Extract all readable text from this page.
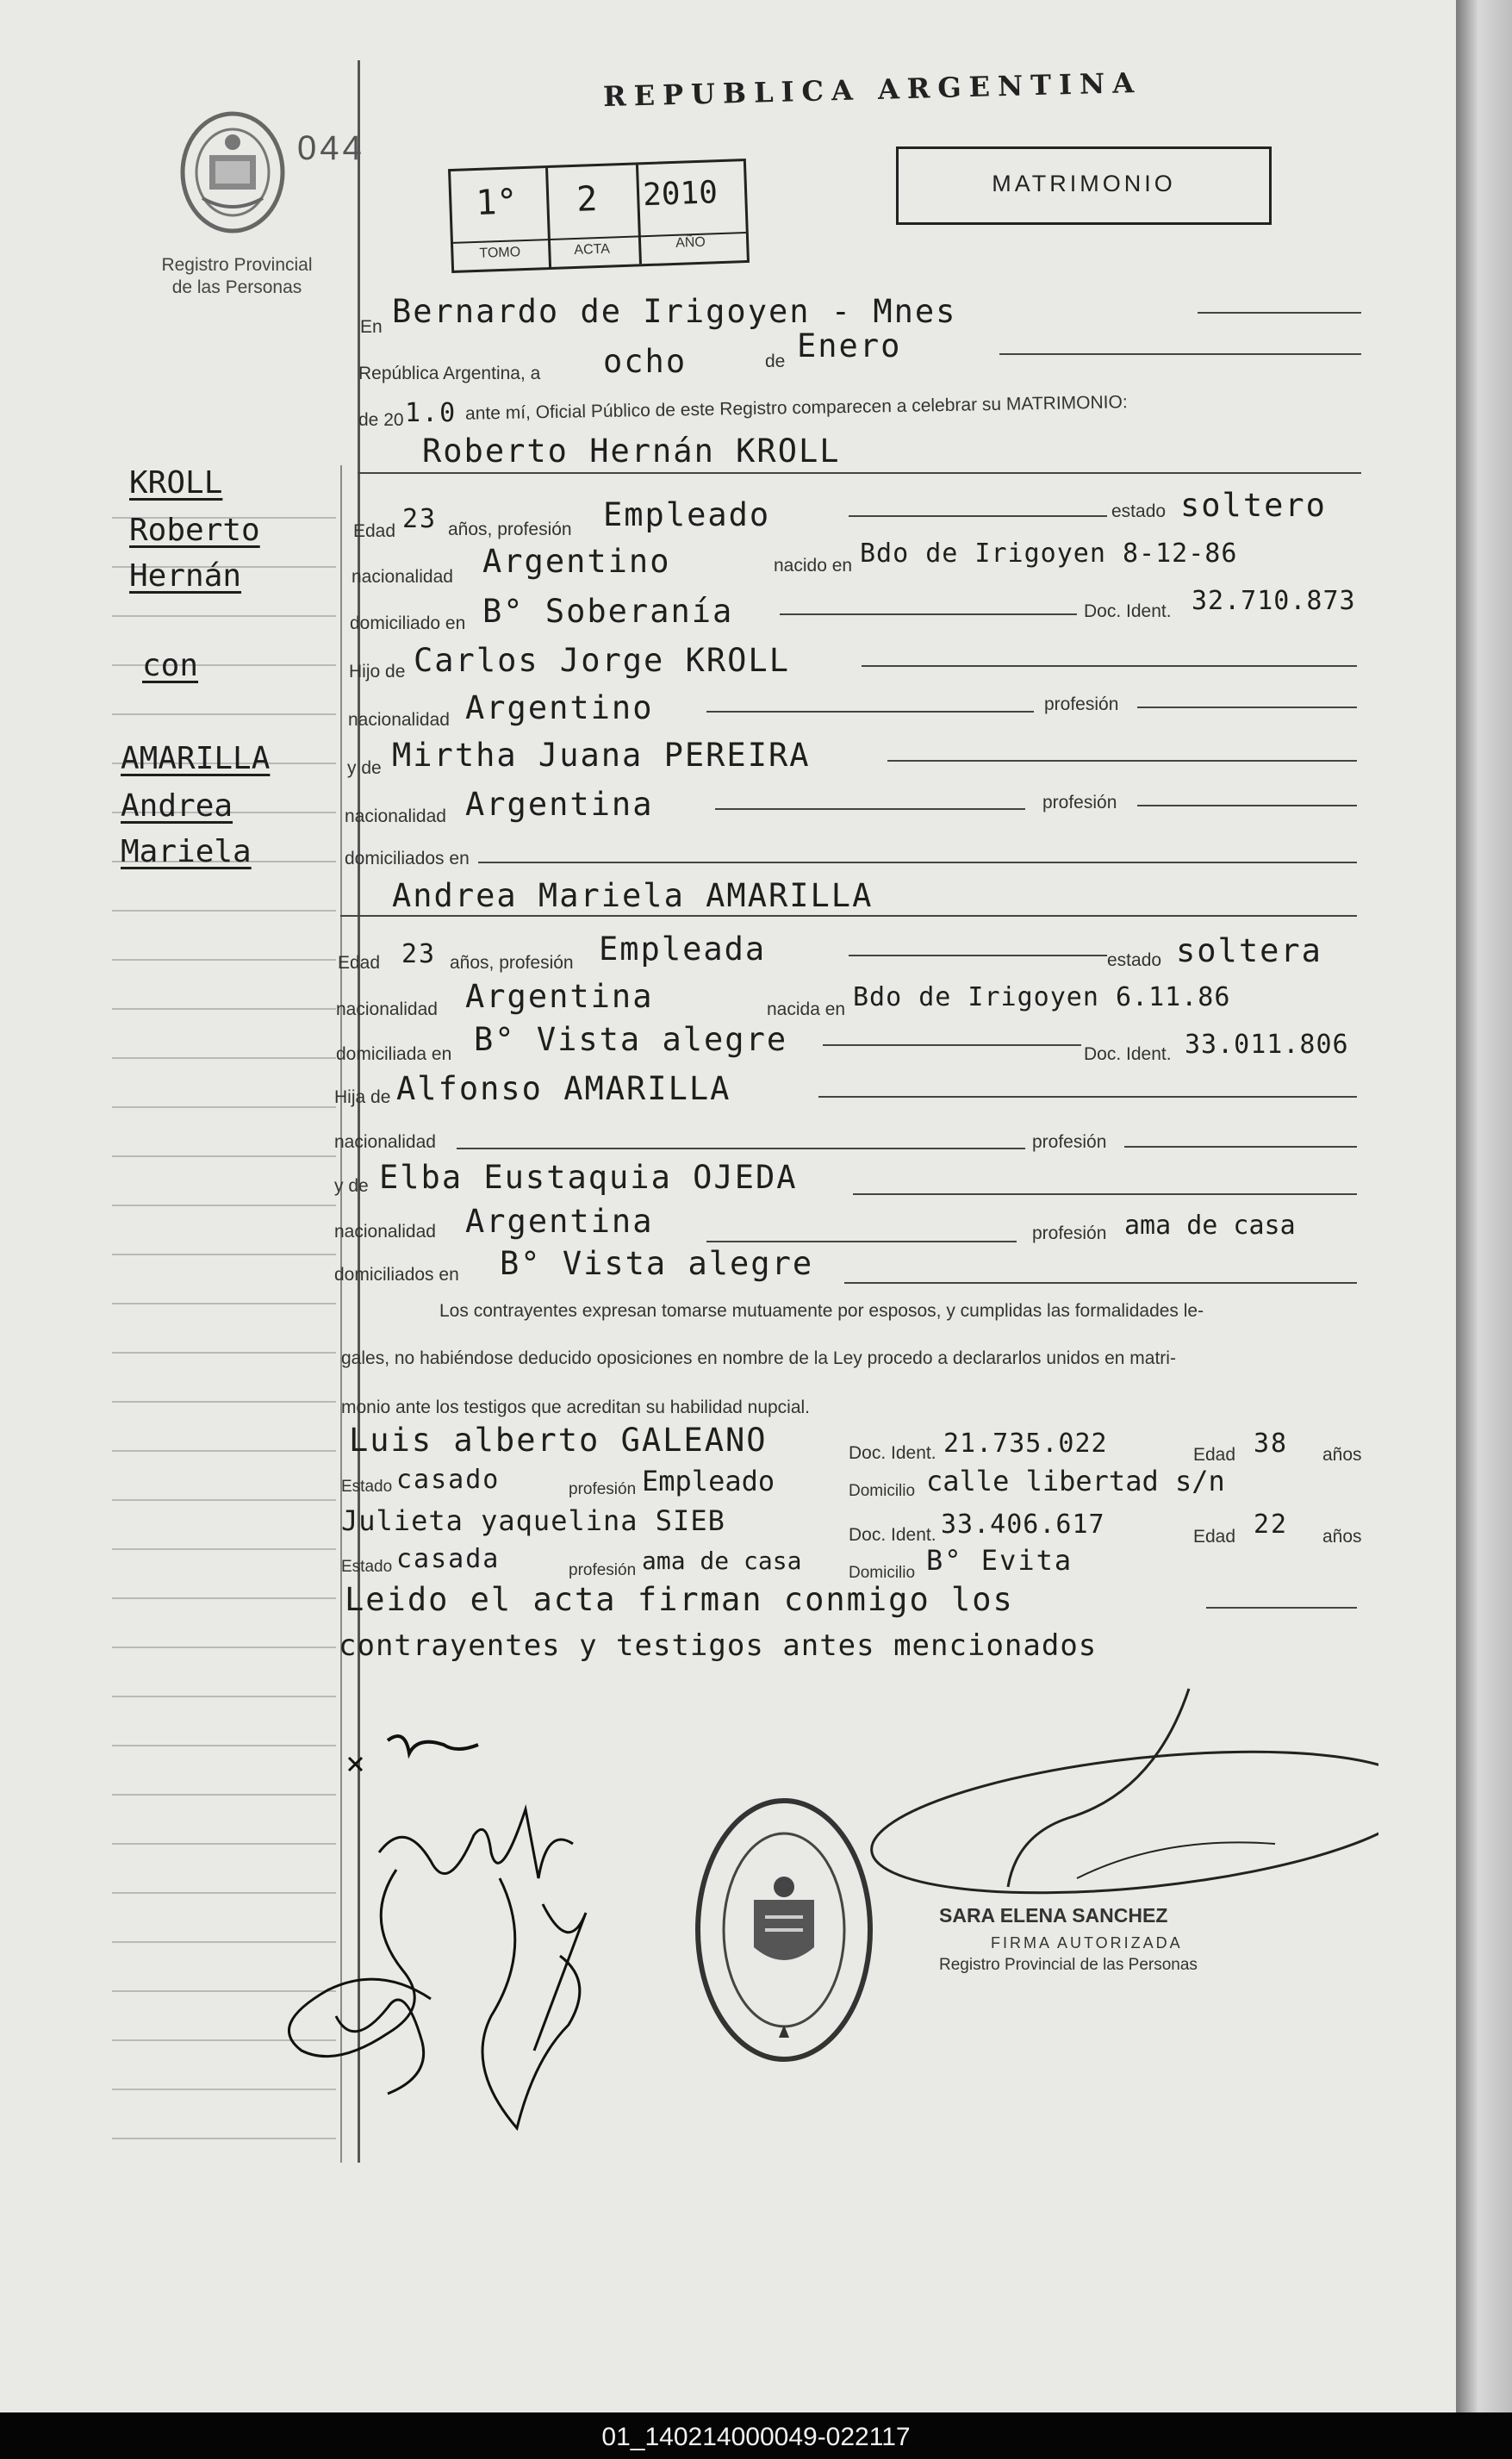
044
Registro Provincial
de las Personas
REPUBLICA ARGENTINA
MATRIMONIO
1° 2 2010
TOMO	ACTA	AÑO
En Bernardo de Irigoyen - Mnes
República Argentina, a ocho	de Enero
de 20 1.0 ante mí, Oficial Público de este Registro comparecen a celebrar su MATRIMONIO:
KROLL
Roberto
Hernán
con
AMARILLA
Andrea
Mariela
Roberto Hernán KROLL
Edad 23 años, profesión Empleado	estado soltero
nacionalidad Argentino	nacido en Bdo de Irigoyen 8-12-86
domiciliado en B° Soberanía	Doc. Ident. 32.710.873
Hijo de Carlos Jorge KROLL
nacionalidad Argentino	profesión
y de Mirtha Juana PEREIRA
nacionalidad Argentina	profesión
domiciliados en
Andrea Mariela AMARILLA
Edad 23 años, profesión Empleada	estado soltera
nacionalidad Argentina	nacida en Bdo de Irigoyen 6.11.86
domiciliada en B° Vista alegre	Doc. Ident. 33.011.806
Hija de Alfonso AMARILLA
nacionalidad	profesión
y de Elba Eustaquia OJEDA
nacionalidad Argentina	profesión ama de casa
domiciliados en B° Vista alegre
Los contrayentes expresan tomarse mutuamente por esposos, y cumplidas las formalidades le-
gales, no habiéndose deducido oposiciones en nombre de la Ley procedo a declararlos unidos en matri-
monio ante los testigos que acreditan su habilidad nupcial.
Luis alberto GALEANO	Doc. Ident. 21.735.022	Edad 38 años
Estado casado	profesión Empleado	Domicilio calle libertad s/n
Julieta yaquelina SIEB	Doc. Ident. 33.406.617	Edad 22 años
Estado casada	profesión ama de casa	Domicilio B° Evita
Leido el acta firman conmigo los
contrayentes y testigos antes mencionados
SARA ELENA SANCHEZ
FIRMA AUTORIZADA
Registro Provincial de las Personas
01_140214000049-022117
